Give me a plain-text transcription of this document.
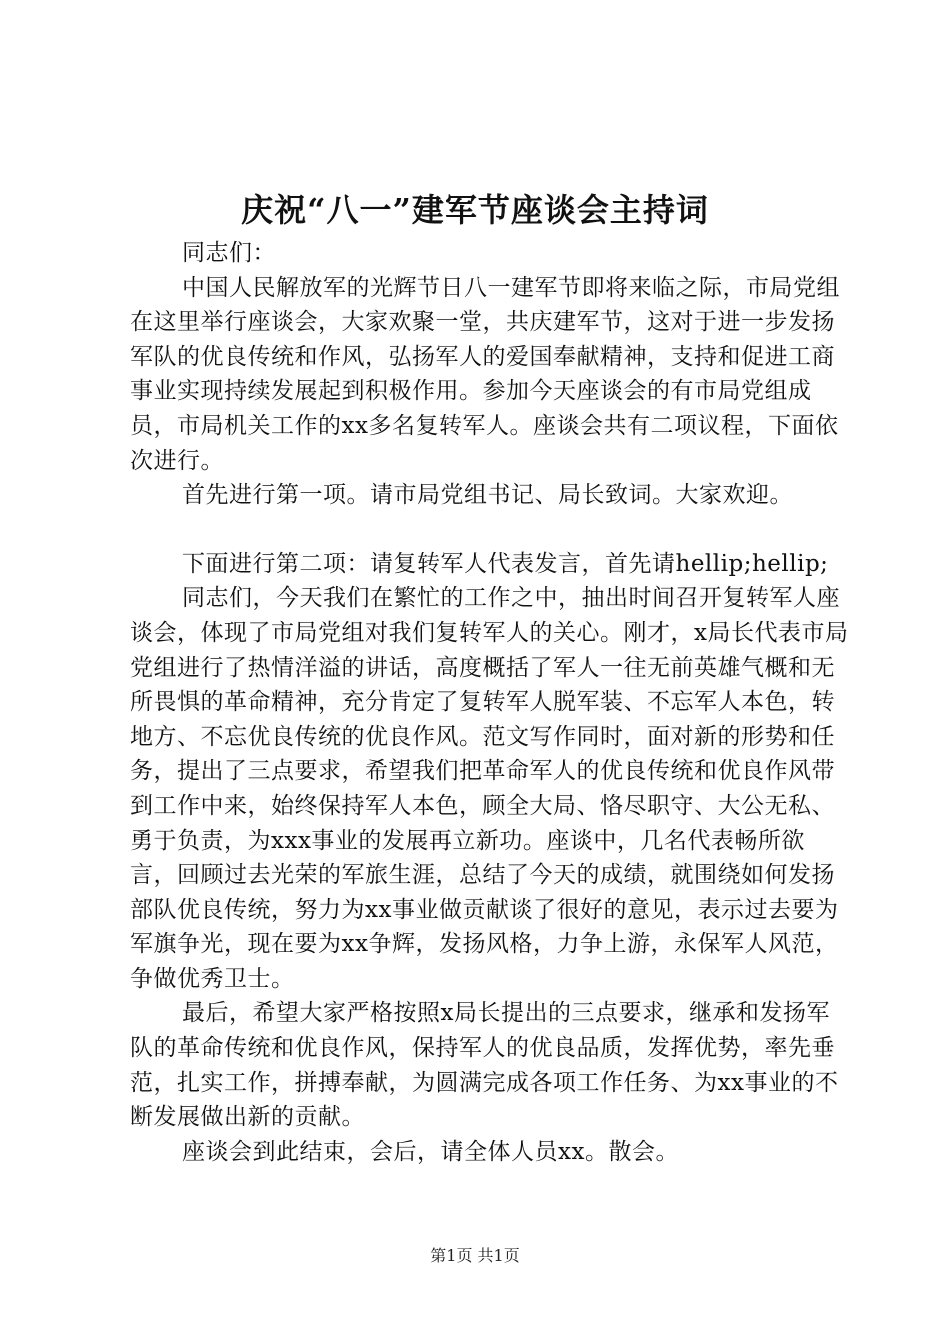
庆祝“八一”建军节座谈会主持词

同志们：

中国人民解放军的光辉节日八一建军节即将来临之际，市局党组在这里举行座谈会，大家欢聚一堂，共庆建军节，这对于进一步发扬军队的优良传统和作风，弘扬军人的爱国奉献精神，支持和促进工商事业实现持续发展起到积极作用。参加今天座谈会的有市局党组成员，市局机关工作的xx多名复转军人。座谈会共有二项议程，下面依次进行。

首先进行第一项。请市局党组书记、局长致词。大家欢迎。

下面进行第二项：请复转军人代表发言，首先请hellip;hellip;

同志们，今天我们在繁忙的工作之中，抽出时间召开复转军人座谈会，体现了市局党组对我们复转军人的关心。刚才，x局长代表市局党组进行了热情洋溢的讲话，高度概括了军人一往无前英雄气概和无所畏惧的革命精神，充分肯定了复转军人脱军装、不忘军人本色，转地方、不忘优良传统的优良作风。范文写作同时，面对新的形势和任务，提出了三点要求，希望我们把革命军人的优良传统和优良作风带到工作中来，始终保持军人本色，顾全大局、恪尽职守、大公无私、勇于负责，为xxx事业的发展再立新功。座谈中，几名代表畅所欲言，回顾过去光荣的军旅生涯，总结了今天的成绩，就围绕如何发扬部队优良传统，努力为xx事业做贡献谈了很好的意见，表示过去要为军旗争光，现在要为xx争辉，发扬风格，力争上游，永保军人风范，争做优秀卫士。

最后，希望大家严格按照x局长提出的三点要求，继承和发扬军队的革命传统和优良作风，保持军人的优良品质，发挥优势，率先垂范，扎实工作，拼搏奉献，为圆满完成各项工作任务、为xx事业的不断发展做出新的贡献。

座谈会到此结束，会后，请全体人员xx。散会。

第1页 共1页
